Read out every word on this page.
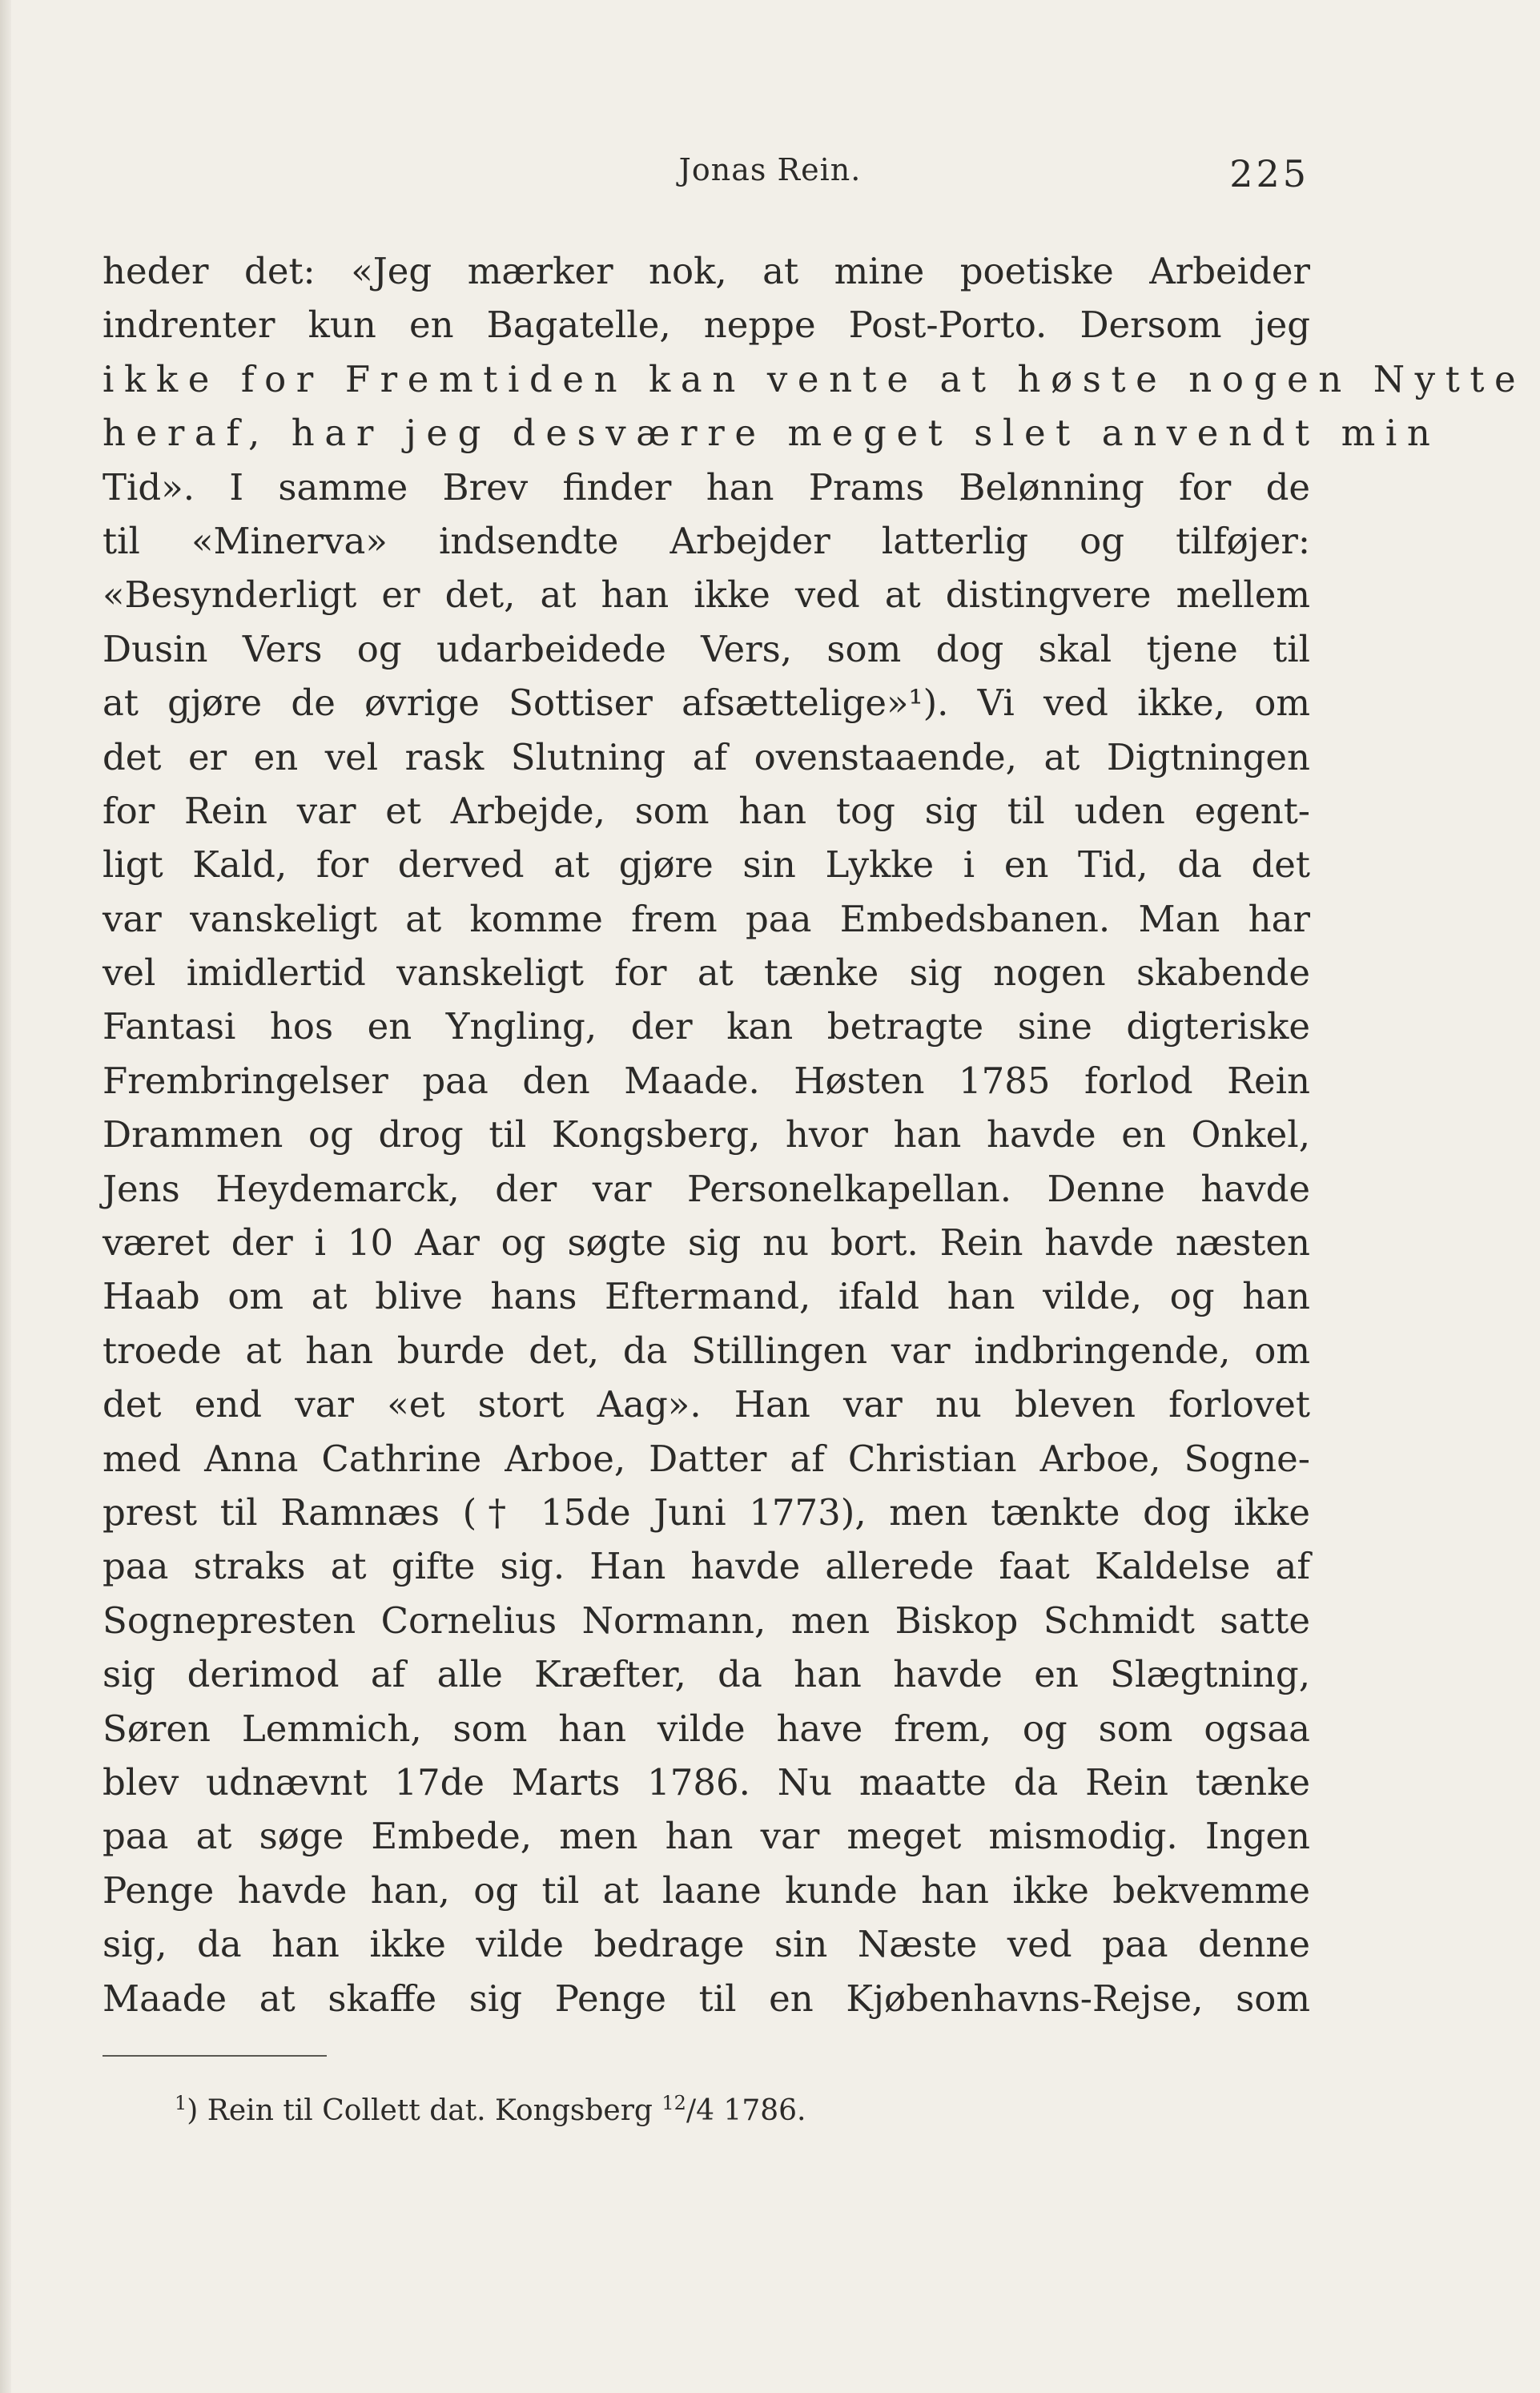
Jonas Rein.	225
heder det: «Jeg mærker nok, at mine poetiske Arbeider
indrenter kun en Bagatelle, neppe Post-Porto. Dersom jeg
ikke for Fremtiden kan vente at høste nogen Nytte
heraf, har jeg desværre meget slet anvendt min
Tid». I samme Brev finder han Prams Belønning for de
til «Minerva» indsendte Arbejder latterlig og tilføjer:
«Besynderligt er det, at han ikke ved at distingvere mellem
Dusin Vers og udarbeidede Vers, som dog skal tjene til
at gjøre de øvrige Sottiser afsættelige»¹). Vi ved ikke, om
det er en vel rask Slutning af ovenstaaende, at Digtningen
for Rein var et Arbejde, som han tog sig til uden egent-
ligt Kald, for derved at gjøre sin Lykke i en Tid, da det
var vanskeligt at komme frem paa Embedsbanen. Man har
vel imidlertid vanskeligt for at tænke sig nogen skabende
Fantasi hos en Yngling, der kan betragte sine digteriske
Frembringelser paa den Maade. Høsten 1785 forlod Rein
Drammen og drog til Kongsberg, hvor han havde en Onkel,
Jens Heydemarck, der var Personelkapellan. Denne havde
været der i 10 Aar og søgte sig nu bort. Rein havde næsten
Haab om at blive hans Eftermand, ifald han vilde, og han
troede at han burde det, da Stillingen var indbringende, om
det end var «et stort Aag». Han var nu bleven forlovet
med Anna Cathrine Arboe, Datter af Christian Arboe, Sogne-
prest til Ramnæs († 15de Juni 1773), men tænkte dog ikke
paa straks at gifte sig. Han havde allerede faat Kaldelse af
Sognepresten Cornelius Normann, men Biskop Schmidt satte
sig derimod af alle Kræfter, da han havde en Slægtning,
Søren Lemmich, som han vilde have frem, og som ogsaa
blev udnævnt 17de Marts 1786. Nu maatte da Rein tænke
paa at søge Embede, men han var meget mismodig. Ingen
Penge havde han, og til at laane kunde han ikke bekvemme
sig, da han ikke vilde bedrage sin Næste ved paa denne
Maade at skaffe sig Penge til en Kjøbenhavns-Rejse, som
$^1$) Rein til Collett dat. Kongsberg $^{12}$/4 1786.
